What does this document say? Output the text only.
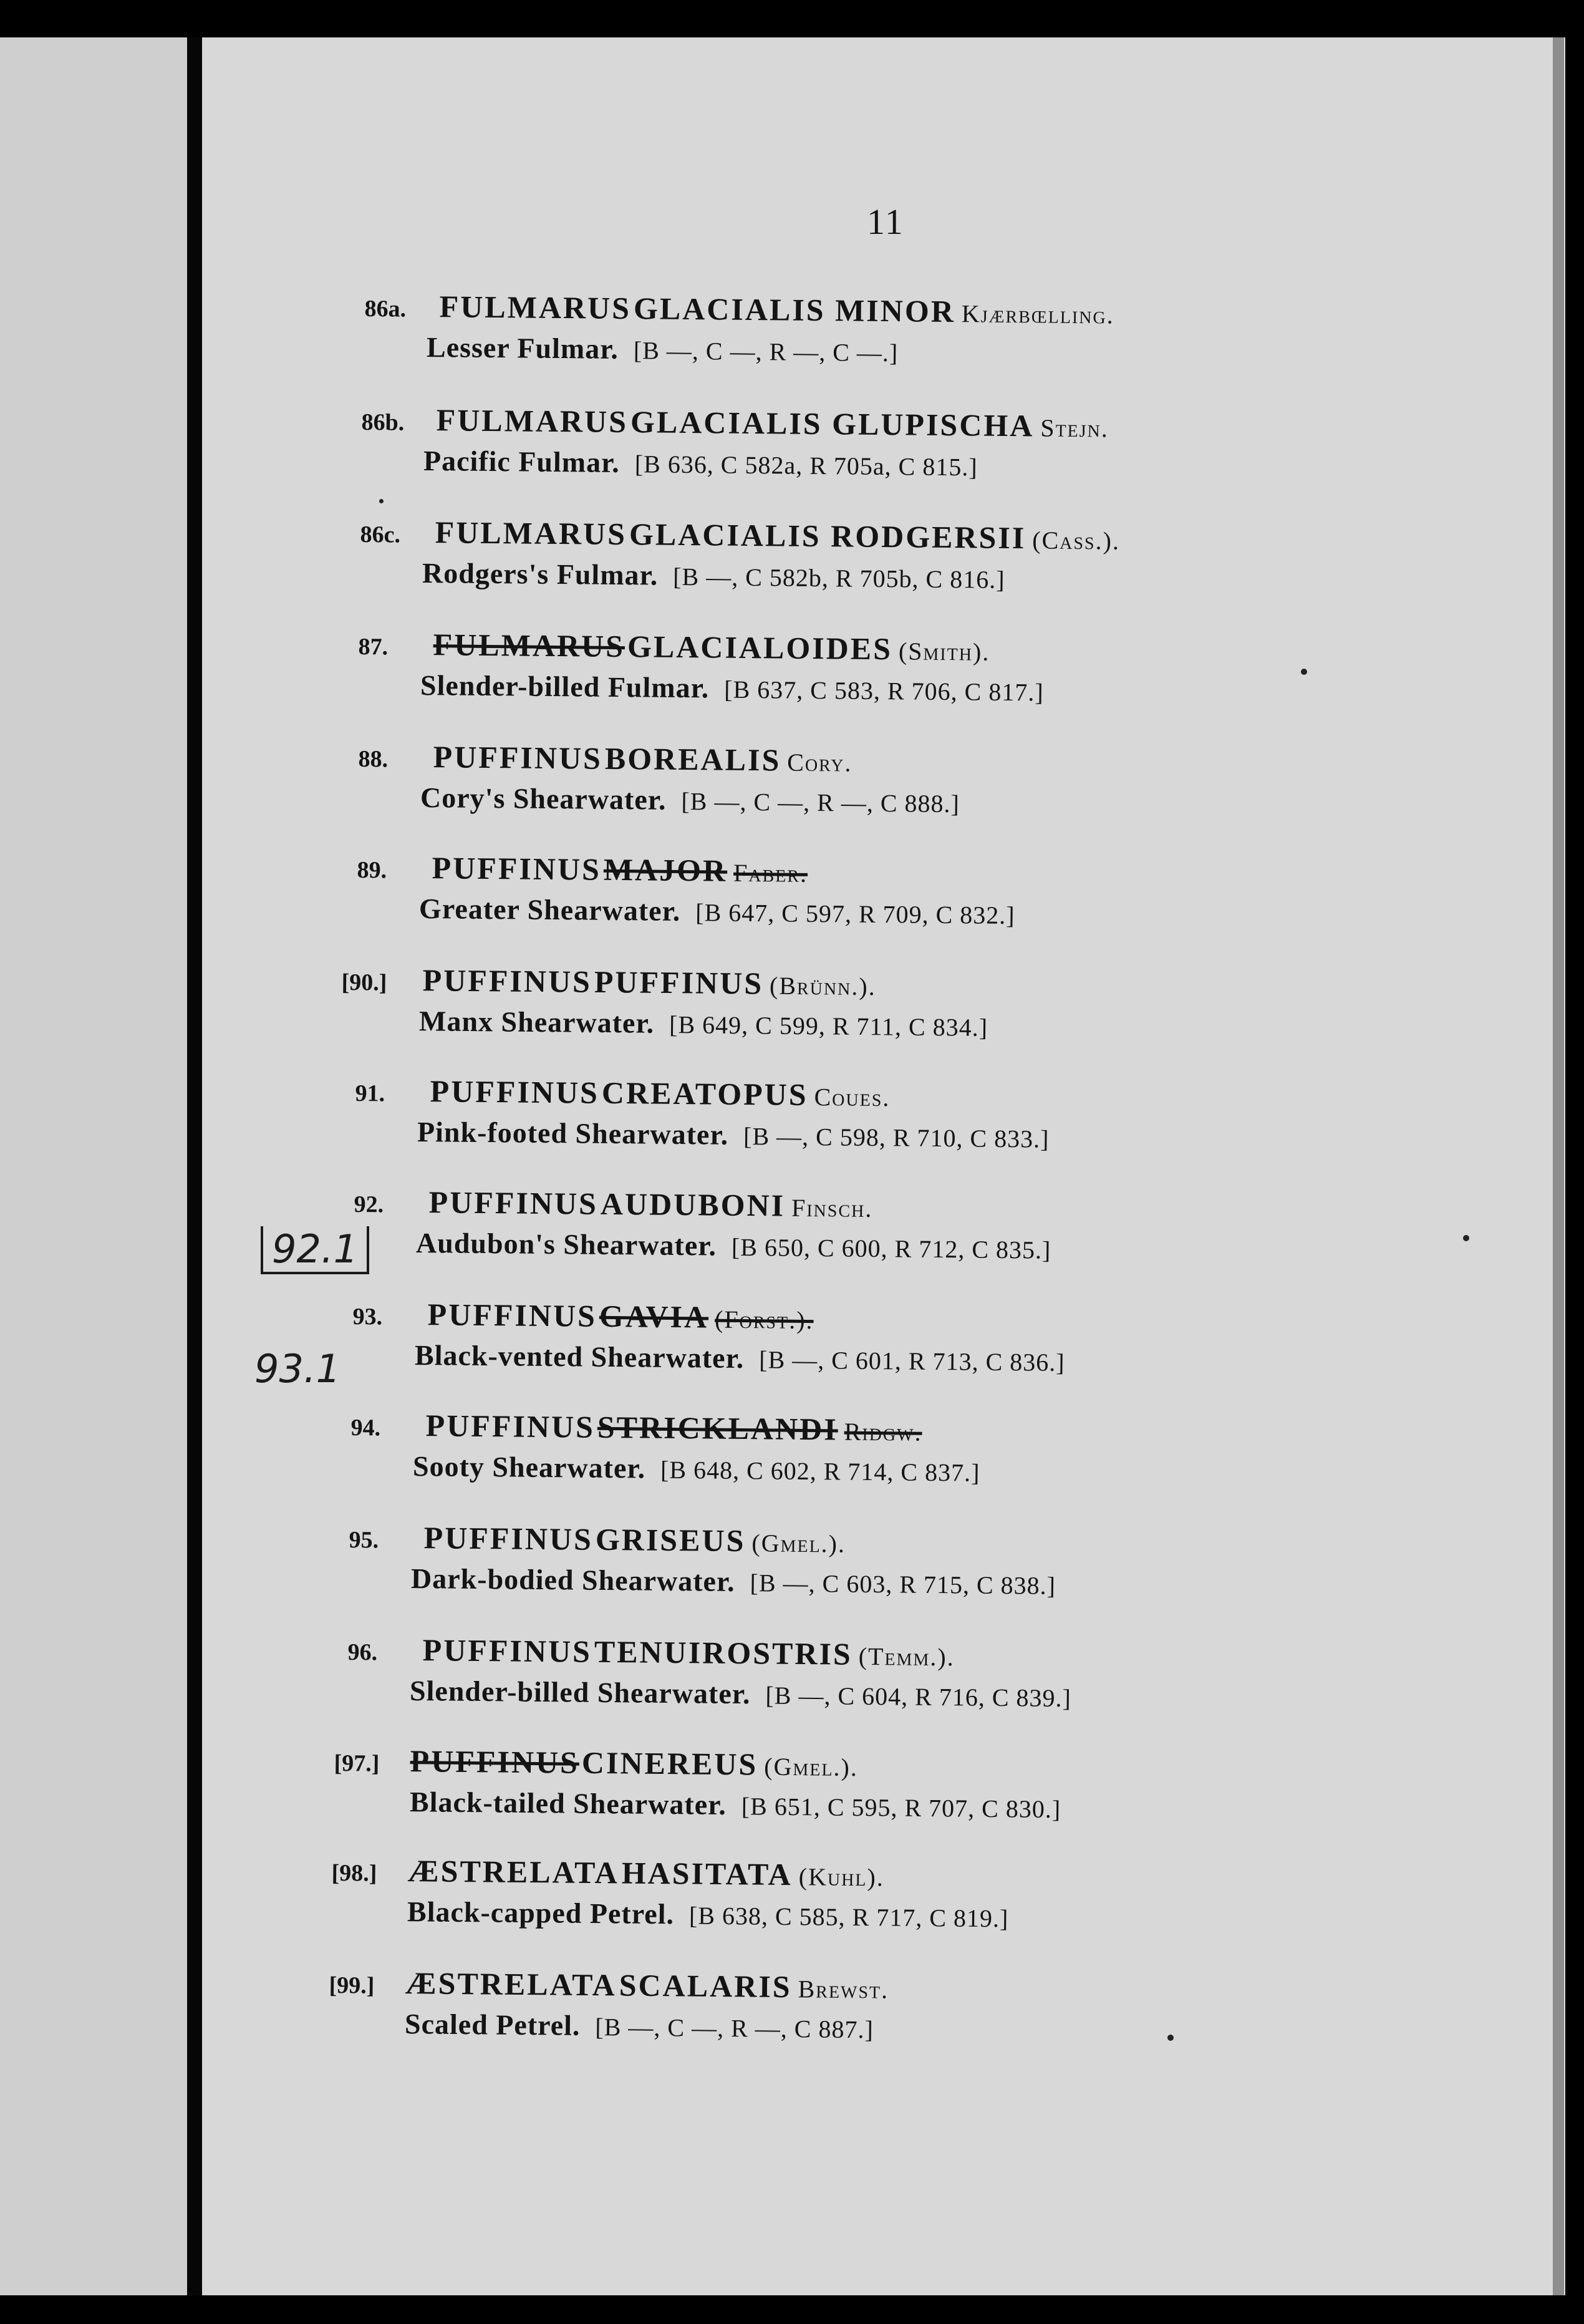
11
86a. FULMARUS GLACIALIS MINOR Kjærbœlling.
Lesser Fulmar. [B —, C —, R —, C —.]
86b. FULMARUS GLACIALIS GLUPISCHA Stejn.
Pacific Fulmar. [B 636, C 582a, R 705a, C 815.]
86c. FULMARUS GLACIALIS RODGERSII (Cass.).
Rodgers's Fulmar. [B —, C 582b, R 705b, C 816.]
87. FULMARUS GLACIALOIDES (Smith).
Slender-billed Fulmar. [B 637, C 583, R 706, C 817.]
88. PUFFINUS BOREALIS Cory.
Cory's Shearwater. [B —, C —, R —, C 888.]
89. PUFFINUS MAJOR Faber.
Greater Shearwater. [B 647, C 597, R 709, C 832.]
[90.] PUFFINUS PUFFINUS (Brünn.).
Manx Shearwater. [B 649, C 599, R 711, C 834.]
91. PUFFINUS CREATOPUS Coues.
Pink-footed Shearwater. [B —, C 598, R 710, C 833.]
92. PUFFINUS AUDUBONI Finsch.
Audubon's Shearwater. [B 650, C 600, R 712, C 835.]
93. PUFFINUS GAVIA (Forst.).
Black-vented Shearwater. [B —, C 601, R 713, C 836.]
94. PUFFINUS STRICKLANDI Ridgw.
Sooty Shearwater. [B 648, C 602, R 714, C 837.]
95. PUFFINUS GRISEUS (Gmel.).
Dark-bodied Shearwater. [B —, C 603, R 715, C 838.]
96. PUFFINUS TENUIROSTRIS (Temm.).
Slender-billed Shearwater. [B —, C 604, R 716, C 839.]
[97.] PUFFINUS CINEREUS (Gmel.).
Black-tailed Shearwater. [B 651, C 595, R 707, C 830.]
[98.] ÆSTRELATA HASITATA (Kuhl).
Black-capped Petrel. [B 638, C 585, R 717, C 819.]
[99.] ÆSTRELATA SCALARIS Brewst.
Scaled Petrel. [B —, C —, R —, C 887.]
92.1
93.1
